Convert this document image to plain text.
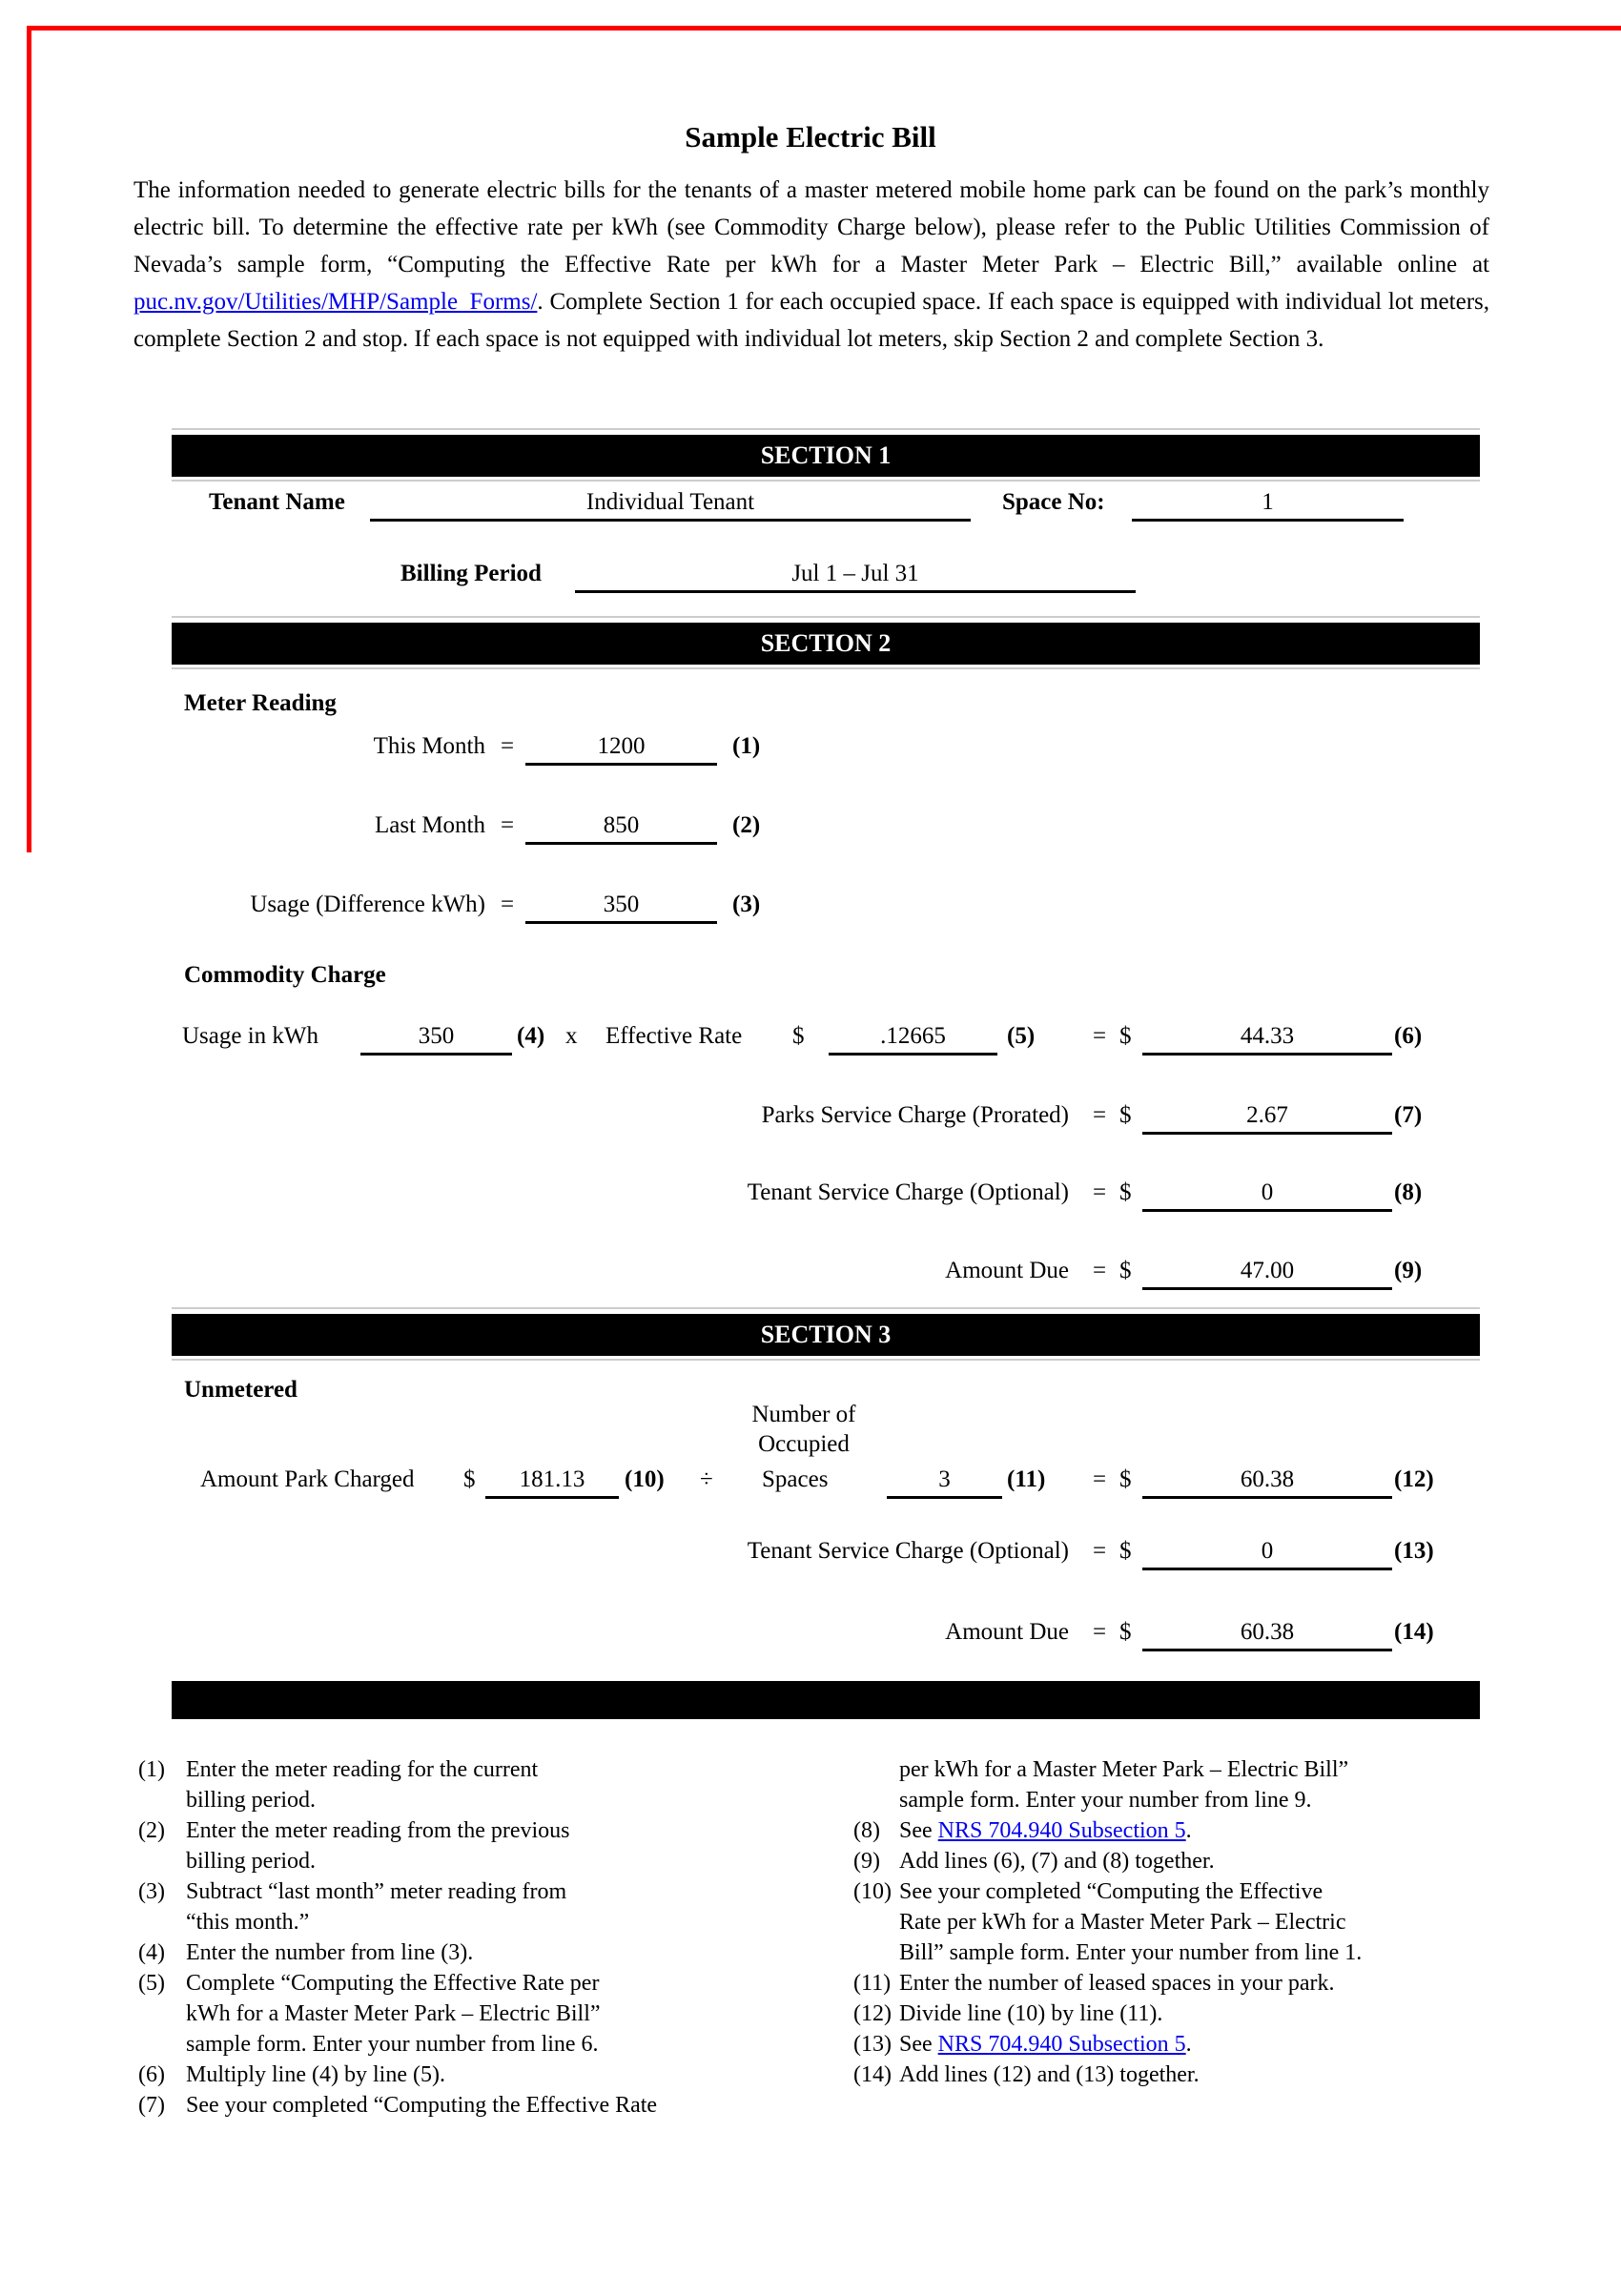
Sample Electric Bill
The information needed to generate electric bills for the tenants of a master metered mobile home park can be found on the park’s monthly electric bill. To determine the effective rate per kWh (see Commodity Charge below), please refer to the Public Utilities Commission of Nevada’s sample form, “Computing the Effective Rate per kWh for a Master Meter Park – Electric Bill,” available online at puc.nv.gov/Utilities/MHP/Sample_Forms/. Complete Section 1 for each occupied space. If each space is equipped with individual lot meters, complete Section 2 and stop. If each space is not equipped with individual lot meters, skip Section 2 and complete Section 3.
SECTION 1
Tenant Name	Individual Tenant	Space No:	1
Billing Period	Jul 1 – Jul 31
SECTION 2
Meter Reading
This Month =	1200	(1)
Last Month =	850	(2)
Usage (Difference kWh) =	350	(3)
Commodity Charge
Usage in kWh	350	(4) x Effective Rate $	.12665	(5) = $	44.33	(6)
Parks Service Charge (Prorated) = $	2.67	(7)
Tenant Service Charge (Optional) = $	0	(8)
Amount Due = $	47.00	(9)
SECTION 3
Unmetered
Number of
Occupied
Amount Park Charged $	181.13	(10) ÷ Spaces	3	(11) = $	60.38	(12)
Tenant Service Charge (Optional) = $	0	(13)
Amount Due = $	60.38	(14)
(1) Enter the meter reading for the current
billing period.
(2) Enter the meter reading from the previous
billing period.
(3) Subtract “last month” meter reading from
“this month.”
(4) Enter the number from line (3).
(5) Complete “Computing the Effective Rate per
kWh for a Master Meter Park – Electric Bill”
sample form. Enter your number from line 6.
(6) Multiply line (4) by line (5).
(7) See your completed “Computing the Effective Rate
per kWh for a Master Meter Park – Electric Bill”
sample form. Enter your number from line 9.
(8) See NRS 704.940 Subsection 5.
(9) Add lines (6), (7) and (8) together.
(10) See your completed “Computing the Effective
Rate per kWh for a Master Meter Park – Electric
Bill” sample form. Enter your number from line 1.
(11) Enter the number of leased spaces in your park.
(12) Divide line (10) by line (11).
(13) See NRS 704.940 Subsection 5.
(14) Add lines (12) and (13) together.
